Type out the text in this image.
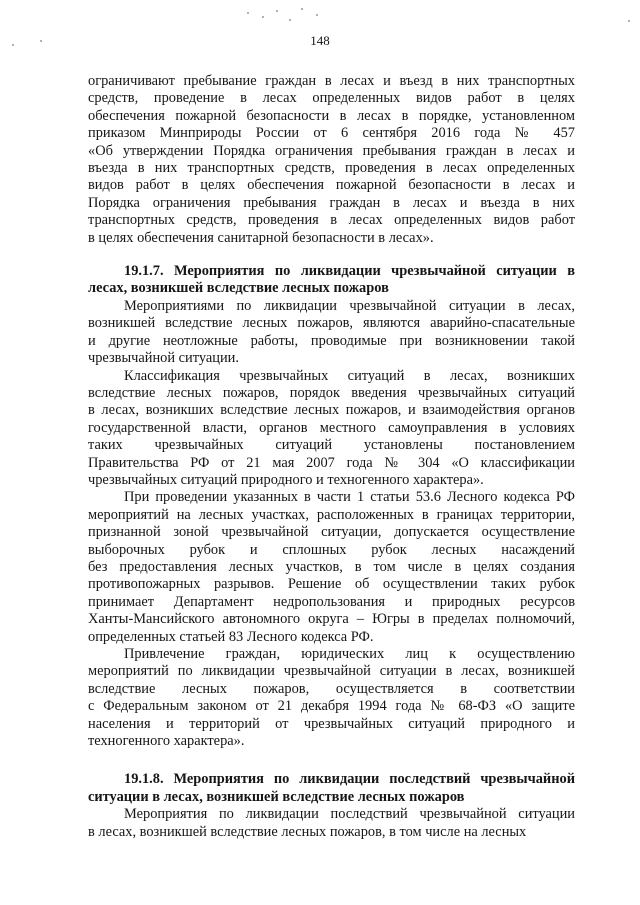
148
ограничивают пребывание граждан в лесах и въезд в них транспортных
средств, проведение в лесах определенных видов работ в целях
обеспечения пожарной безопасности в лесах в порядке, установленном
приказом Минприроды России от 6 сентября 2016 года № 457
«Об утверждении Порядка ограничения пребывания граждан в лесах и
въезда в них транспортных средств, проведения в лесах определенных
видов работ в целях обеспечения пожарной безопасности в лесах и
Порядка ограничения пребывания граждан в лесах и въезда в них
транспортных средств, проведения в лесах определенных видов работ
в целях обеспечения санитарной безопасности в лесах».
19.1.7. Мероприятия по ликвидации чрезвычайной ситуации в
лесах, возникшей вследствие лесных пожаров
Мероприятиями по ликвидации чрезвычайной ситуации в лесах,
возникшей вследствие лесных пожаров, являются аварийно-спасательные
и другие неотложные работы, проводимые при возникновении такой
чрезвычайной ситуации.
Классификация чрезвычайных ситуаций в лесах, возникших
вследствие лесных пожаров, порядок введения чрезвычайных ситуаций
в лесах, возникших вследствие лесных пожаров, и взаимодействия органов
государственной власти, органов местного самоуправления в условиях
таких чрезвычайных ситуаций установлены постановлением
Правительства РФ от 21 мая 2007 года № 304 «О классификации
чрезвычайных ситуаций природного и техногенного характера».
При проведении указанных в части 1 статьи 53.6 Лесного кодекса РФ
мероприятий на лесных участках, расположенных в границах территории,
признанной зоной чрезвычайной ситуации, допускается осуществление
выборочных рубок и сплошных рубок лесных насаждений
без предоставления лесных участков, в том числе в целях создания
противопожарных разрывов. Решение об осуществлении таких рубок
принимает Департамент недропользования и природных ресурсов
Ханты-Мансийского автономного округа – Югры в пределах полномочий,
определенных статьей 83 Лесного кодекса РФ.
Привлечение граждан, юридических лиц к осуществлению
мероприятий по ликвидации чрезвычайной ситуации в лесах, возникшей
вследствие лесных пожаров, осуществляется в соответствии
с Федеральным законом от 21 декабря 1994 года № 68-ФЗ «О защите
населения и территорий от чрезвычайных ситуаций природного и
техногенного характера».
19.1.8. Мероприятия по ликвидации последствий чрезвычайной
ситуации в лесах, возникшей вследствие лесных пожаров
Мероприятия по ликвидации последствий чрезвычайной ситуации
в лесах, возникшей вследствие лесных пожаров, в том числе на лесных
